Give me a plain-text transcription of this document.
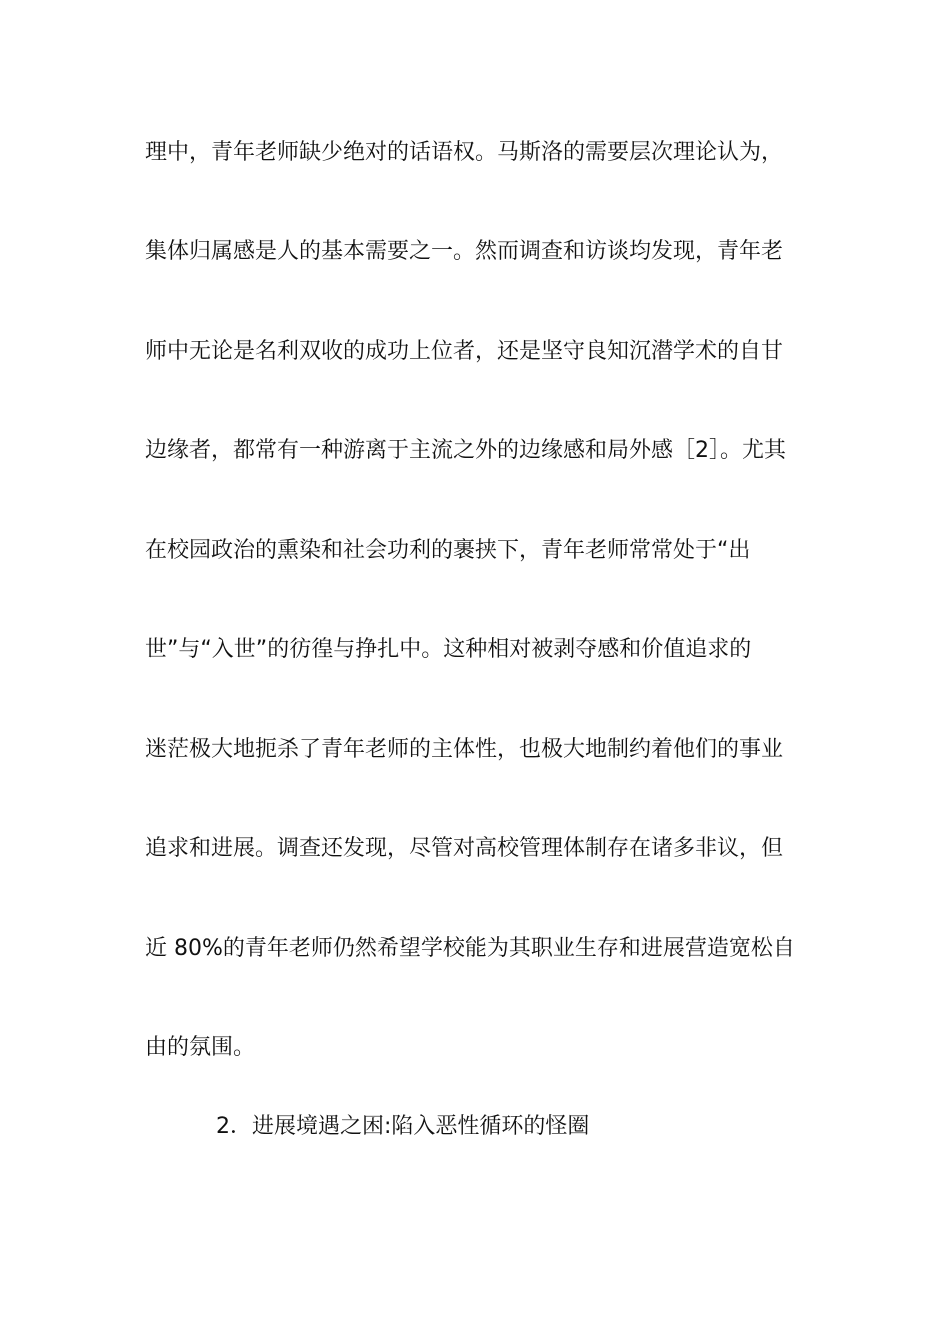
理中，青年老师缺少绝对的话语权。马斯洛的需要层次理论认为，
集体归属感是人的基本需要之一。然而调查和访谈均发现，青年老
师中无论是名利双收的成功上位者，还是坚守良知沉潜学术的自甘
边缘者，都常有一种游离于主流之外的边缘感和局外感［2］。尤其
在校园政治的熏染和社会功利的裹挟下，青年老师常常处于“出
世”与“入世”的彷徨与挣扎中。这种相对被剥夺感和价值追求的
迷茫极大地扼杀了青年老师的主体性，也极大地制约着他们的事业
追求和进展。调查还发现，尽管对高校管理体制存在诸多非议，但
近 80%的青年老师仍然希望学校能为其职业生存和进展营造宽松自
由的氛围。
2．进展境遇之困:陷入恶性循环的怪圈
